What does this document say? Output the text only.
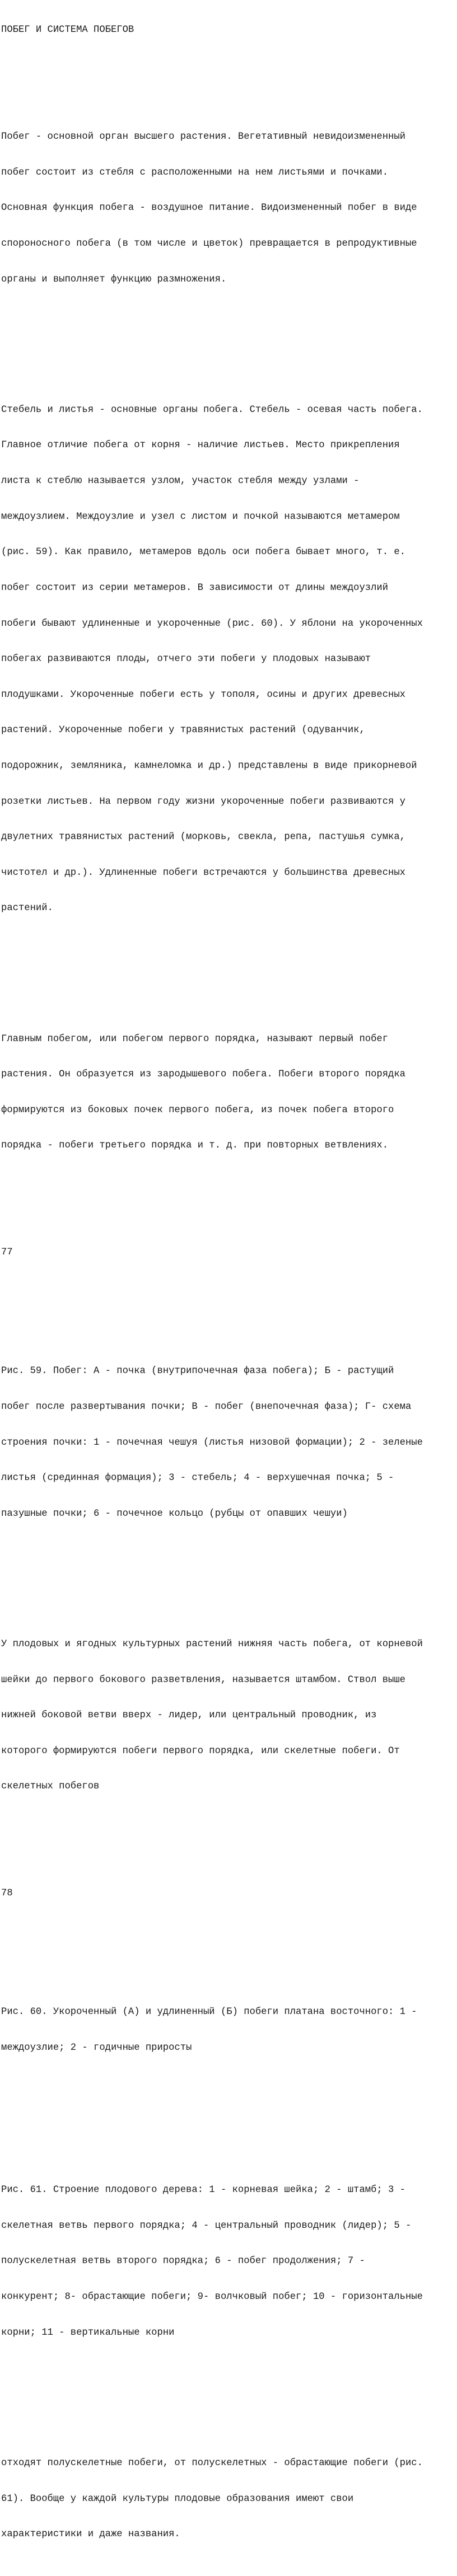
ПОБЕГ И СИСТЕМА ПОБЕГОВ

Побег - основной орган высшего растения. Вегетативный невидоизмененный

побег состоит из стебля с расположенными на нем листьями и почками.

Основная функция побега - воздушное питание. Видоизмененный побег в виде

спороносного побега (в том числе и цветок) превращается в репродуктивные

органы и выполняет функцию размножения.

Стебель и листья - основные органы побега. Стебель - осевая часть побега.

Главное отличие побега от корня - наличие листьев. Место прикрепления

листа к стеблю называется узлом, участок стебля между узлами -

междоузлием. Междоузлие и узел с листом и почкой называются метамером

(рис. 59). Как правило, метамеров вдоль оси побега бывает много, т. е.

побег состоит из серии метамеров. В зависимости от длины междоузлий

побеги бывают удлиненные и укороченные (рис. 60). У яблони на укороченных

побегах развиваются плоды, отчего эти побеги у плодовых называют

плодушками. Укороченные побеги есть у тополя, осины и других древесных

растений. Укороченные побеги у травянистых растений (одуванчик,

подорожник, земляника, камнеломка и др.) представлены в виде прикорневой

розетки листьев. На первом году жизни укороченные побеги развиваются у

двулетних травянистых растений (морковь, свекла, репа, пастушья сумка,

чистотел и др.). Удлиненные побеги встречаются у большинства древесных

растений.

Главным побегом, или побегом первого порядка, называют первый побег

растения. Он образуется из зародышевого побега. Побеги второго порядка

формируются из боковых почек первого побега, из почек побега второго

порядка - побеги третьего порядка и т. д. при повторных ветвлениях.

77

Рис. 59. Побег: А - почка (внутрипочечная фаза побега); Б - растущий

побег после развертывания почки; В - побег (внепочечная фаза); Г- схема

строения почки: 1 - почечная чешуя (листья низовой формации); 2 - зеленые

листья (срединная формация); 3 - стебель; 4 - верхушечная почка; 5 -

пазушные почки; 6 - почечное кольцо (рубцы от опавших чешуи)

У плодовых и ягодных культурных растений нижняя часть побега, от корневой

шейки до первого бокового разветвления, называется штамбом. Ствол выше

нижней боковой ветви вверх - лидер, или центральный проводник, из

которого формируются побеги первого порядка, или скелетные побеги. От

скелетных побегов

78

Рис. 60. Укороченный (А) и удлиненный (Б) побеги платана восточного: 1 -

междоузлие; 2 - годичные приросты

Рис. 61. Строение плодового дерева: 1 - корневая шейка; 2 - штамб; 3 -

скелетная ветвь первого порядка; 4 - центральный проводник (лидер); 5 -

полускелетная ветвь второго порядка; 6 - побег продолжения; 7 -

конкурент; 8- обрастающие побеги; 9- волчковый побег; 10 - горизонтальные

корни; 11 - вертикальные корни

отходят полускелетные побеги, от полускелетных - обрастающие побеги (рис.

61). Вообще у каждой культуры плодовые образования имеют свои

характеристики и даже названия.
